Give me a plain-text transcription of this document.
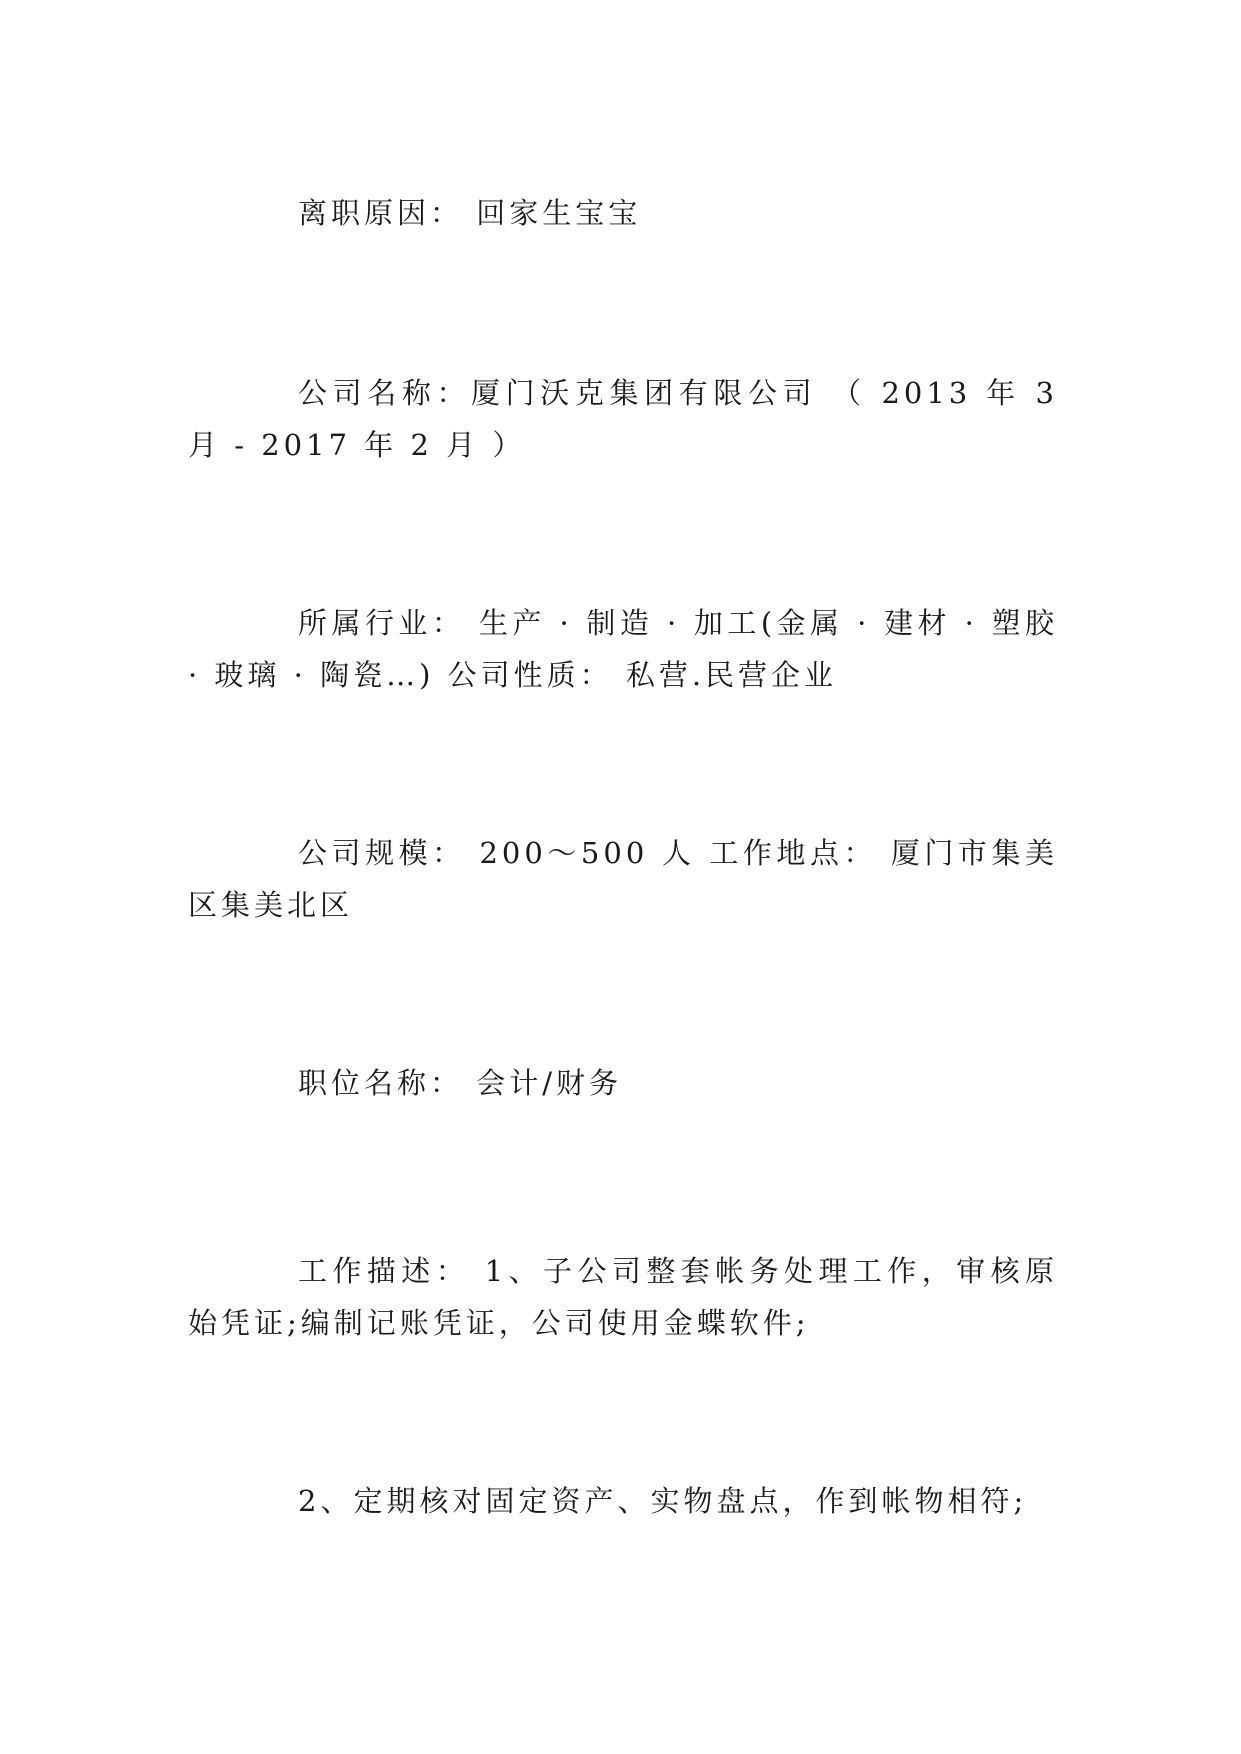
离职原因： 回家生宝宝

公司名称：厦门沃克集团有限公司 （ 2013 年 3 月 - 2017 年 2 月 ）

所属行业： 生产 · 制造 · 加工(金属 · 建材 · 塑胶 · 玻璃 · 陶瓷…) 公司性质： 私营.民营企业

公司规模： 200～500 人 工作地点： 厦门市集美区集美北区

职位名称： 会计/财务

工作描述： 1、子公司整套帐务处理工作，审核原始凭证;编制记账凭证，公司使用金蝶软件;

2、定期核对固定资产、实物盘点，作到帐物相符;
